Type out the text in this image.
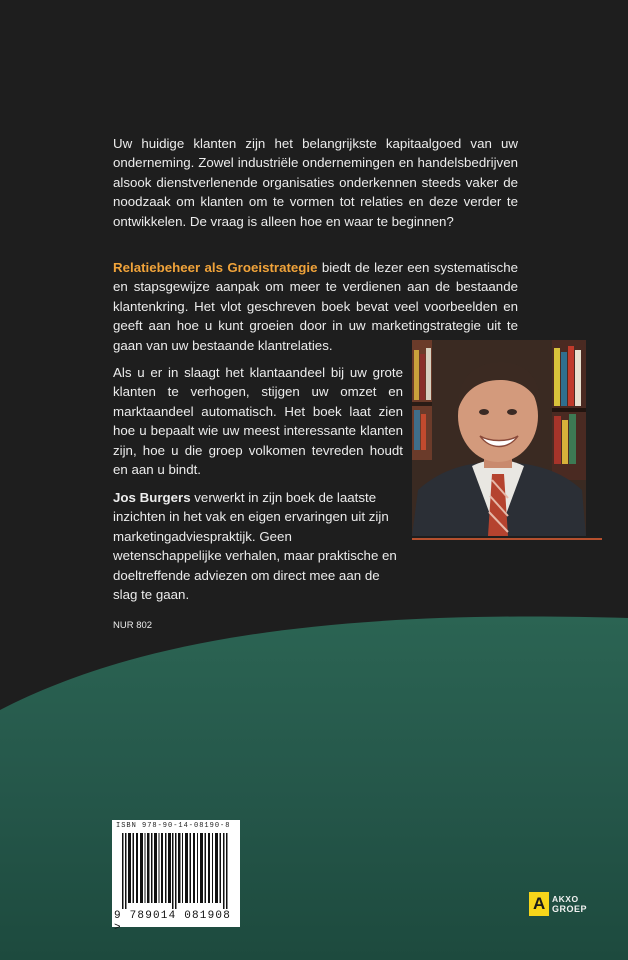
Uw huidige klanten zijn het belangrijkste kapitaalgoed van uw onderneming. Zowel industriële ondernemingen en handelsbedrijven alsook dienstverlenende organisaties onderkennen steeds vaker de noodzaak om klanten om te vormen tot relaties en deze verder te ontwikkelen. De vraag is alleen hoe en waar te beginnen?
Relatiebeheer als Groeistrategie biedt de lezer een systematische en stapsgewijze aanpak om meer te verdienen aan de bestaande klantenkring. Het vlot geschreven boek bevat veel voorbeelden en geeft aan hoe u kunt groeien door in uw marketingstrategie uit te gaan van uw bestaande klantrelaties.
Als u er in slaagt het klantaandeel bij uw grote klanten te verhogen, stijgen uw omzet en marktaandeel automatisch. Het boek laat zien hoe u bepaalt wie uw meest interessante klanten zijn, hoe u die groep volkomen tevreden houdt en aan u bindt.
Jos Burgers verwerkt in zijn boek de laatste inzichten in het vak en eigen ervaringen uit zijn marketingadviespraktijk. Geen wetenschappelijke verhalen, maar praktische en doeltreffende adviezen om direct mee aan de slag te gaan.
NUR 802
ISBN 978-90-14-08190-8
9 789014 081908 >
A AKXO
GROEP
